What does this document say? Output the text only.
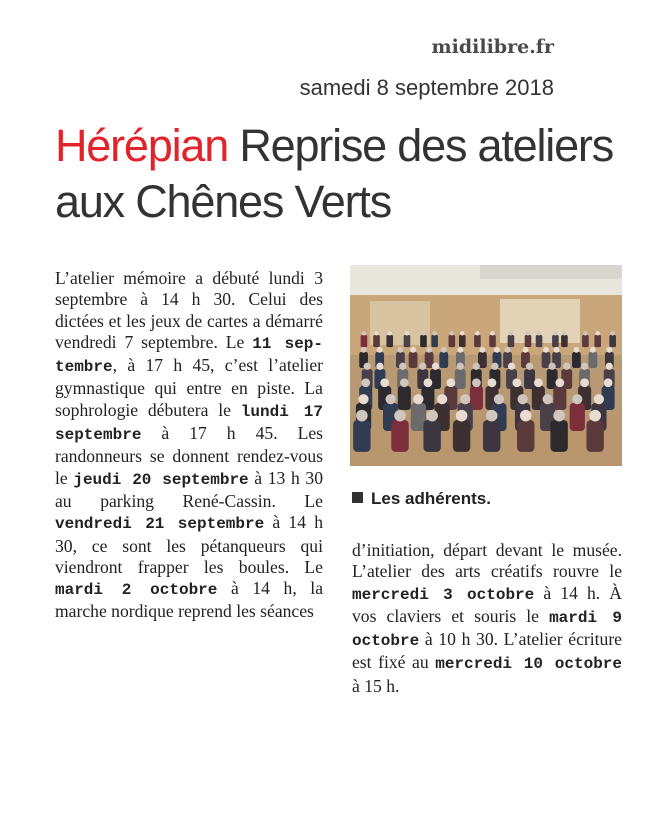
midilibre.fr
samedi 8 septembre 2018
Hérépian Reprise des ateliers aux Chênes Verts
L’atelier mémoire a débuté lundi 3 septembre à 14 h 30. Celui des dictées et les jeux de cartes a démarré vendredi 7 septembre. Le 11 septembre, à 17 h 45, c’est l’atelier gymnastique qui entre en piste. La sophrologie débutera le lundi 17 septembre à 17 h 45. Les randonneurs se donnent rendez-vous le jeudi 20 septembre à 13 h 30 au parking René-Cassin. Le vendredi 21 septembre à 14 h 30, ce sont les pétanqueurs qui viendront frapper les boules. Le mardi 2 octobre à 14 h, la marche nordique reprend les séances
Les adhérents.
d’initiation, départ devant le musée. L’atelier des arts créatifs rouvre le mercredi 3 octobre à 14 h. À vos claviers et souris le mardi 9 octobre à 10 h 30. L’atelier écriture est fixé au mercredi 10 octobre à 15 h.
